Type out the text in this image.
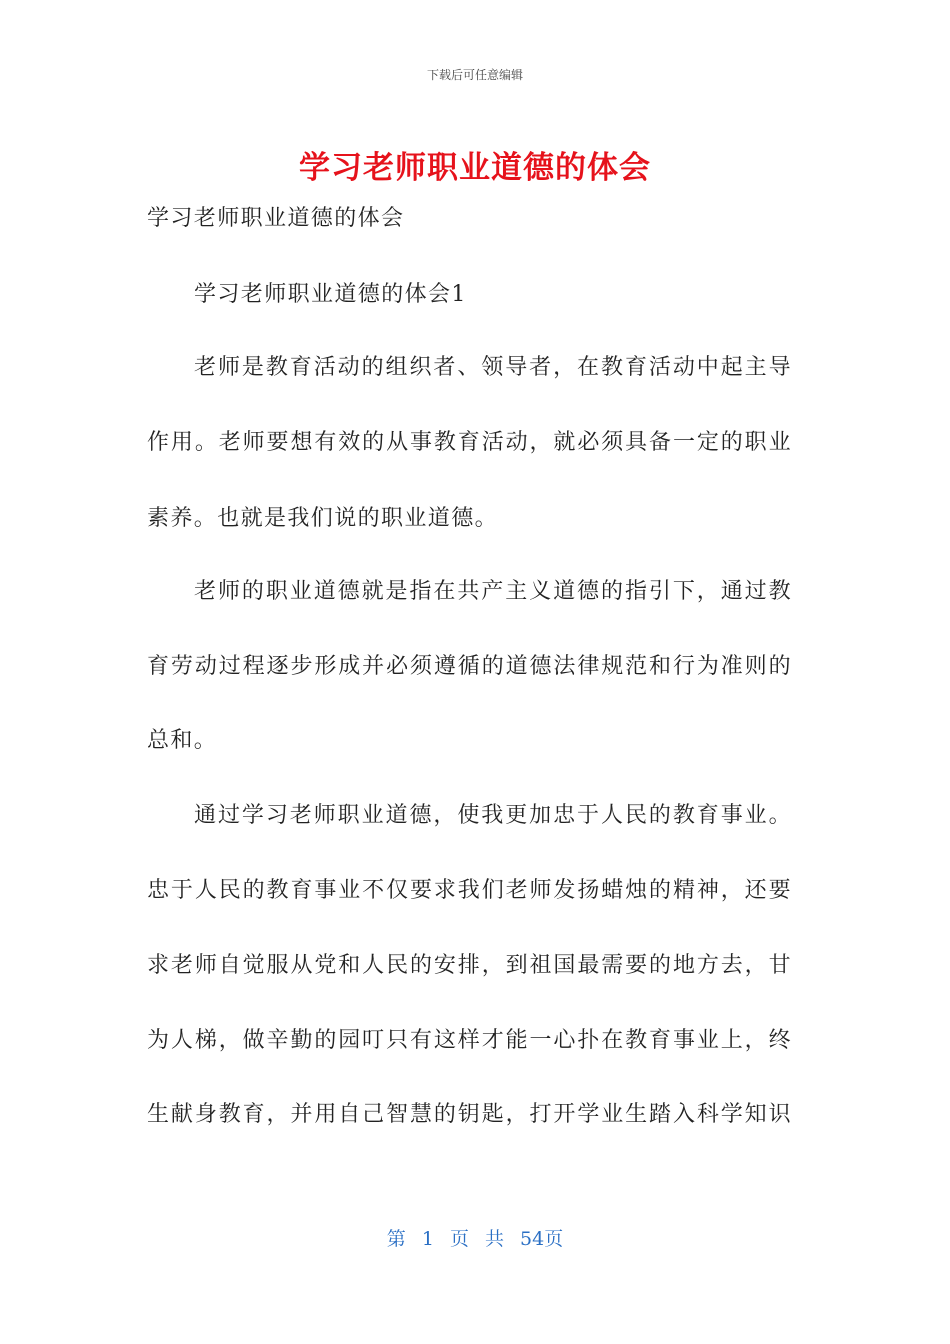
下载后可任意编辑
学习老师职业道德的体会
学习老师职业道德的体会
学习老师职业道德的体会1
老师是教育活动的组织者、领导者，在教育活动中起主导
作用。老师要想有效的从事教育活动，就必须具备一定的职业
素养。也就是我们说的职业道德。
老师的职业道德就是指在共产主义道德的指引下，通过教
育劳动过程逐步形成并必须遵循的道德法律规范和行为准则的
总和。
通过学习老师职业道德，使我更加忠于人民的教育事业。
忠于人民的教育事业不仅要求我们老师发扬蜡烛的精神，还要
求老师自觉服从党和人民的安排，到祖国最需要的地方去，甘
为人梯，做辛勤的园叮只有这样才能一心扑在教育事业上，终
生献身教育，并用自己智慧的钥匙，打开学业生踏入科学知识
第 1 页 共 54页
